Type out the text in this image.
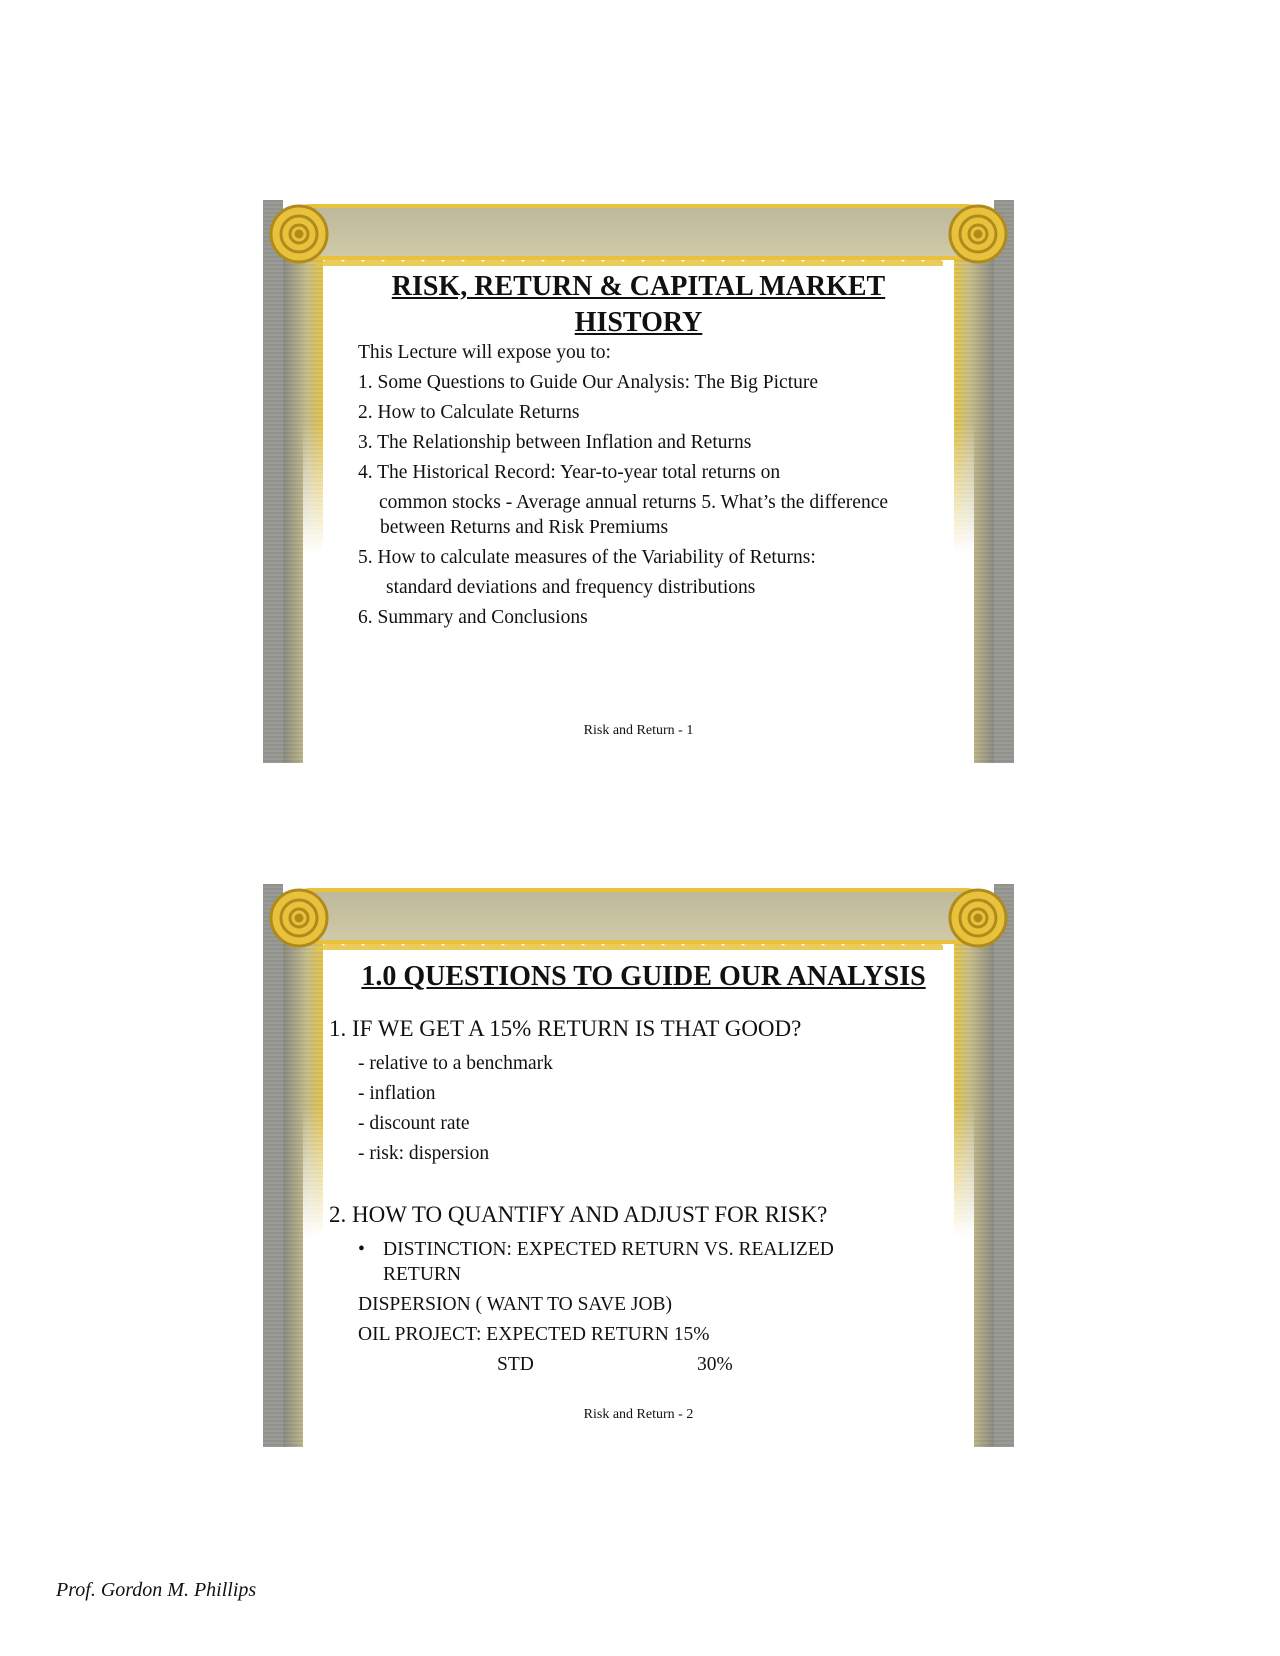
RISK, RETURN & CAPITAL MARKET
HISTORY

This Lecture will expose you to:

1. Some Questions to Guide Our Analysis: The Big Picture

2. How to Calculate Returns

3. The Relationship between Inflation and Returns

4. The Historical Record: Year-to-year total returns on

common stocks - Average annual returns 5. What’s the difference

between Returns and Risk Premiums

5. How to calculate measures of the Variability of Returns:

standard deviations and frequency distributions

6. Summary and Conclusions

Risk and Return - 1
1.0 QUESTIONS TO GUIDE OUR ANALYSIS

1. IF WE GET A 15% RETURN IS THAT GOOD?

- relative to a benchmark

- inflation

- discount rate

- risk: dispersion

2. HOW TO QUANTIFY AND ADJUST FOR RISK?

• DISTINCTION: EXPECTED RETURN VS. REALIZED

RETURN

DISPERSION ( WANT TO SAVE JOB)

OIL PROJECT: EXPECTED RETURN 15%

STD	30%

Risk and Return - 2
Prof. Gordon M. Phillips
